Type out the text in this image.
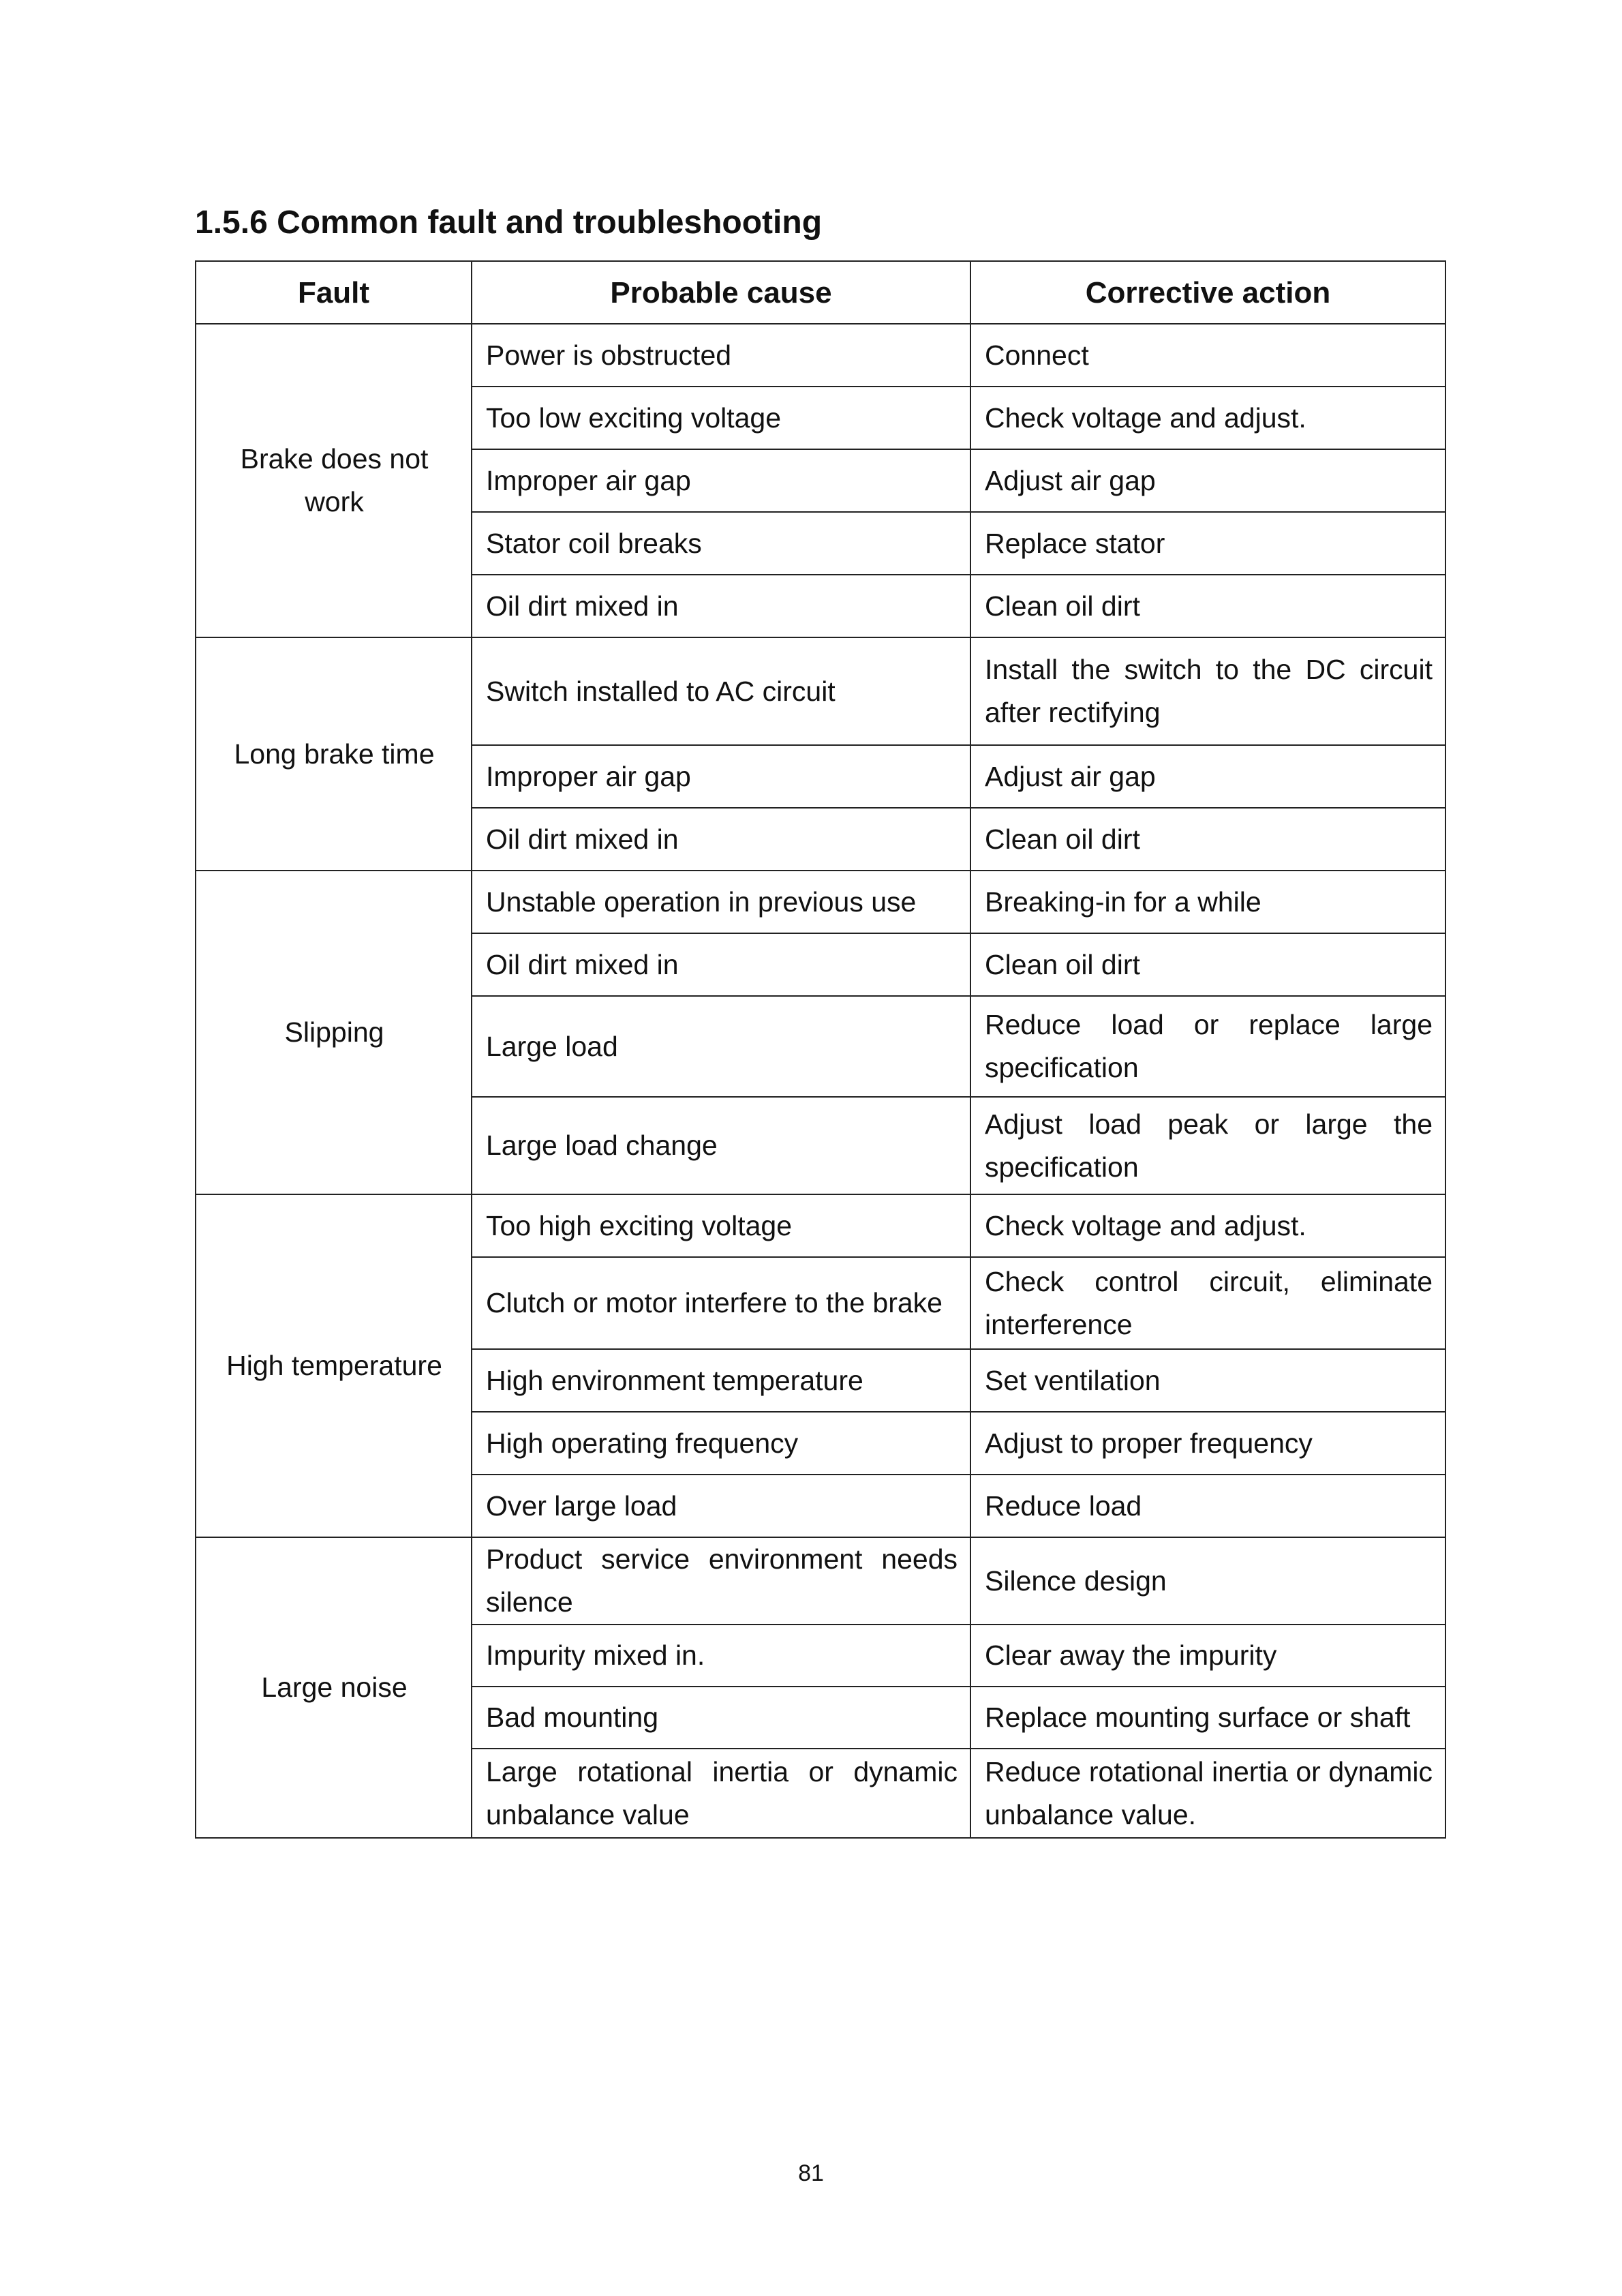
1.5.6 Common fault and troubleshooting
Fault	Probable cause	Corrective action
Brake does not work	Power is obstructed	Connect
	Too low exciting voltage	Check voltage and adjust.
	Improper air gap	Adjust air gap
	Stator coil breaks	Replace stator
	Oil dirt mixed in	Clean oil dirt
Long brake time	Switch installed to AC circuit	Install the switch to the DC circuit after rectifying
	Improper air gap	Adjust air gap
	Oil dirt mixed in	Clean oil dirt
Slipping	Unstable operation in previous use	Breaking-in for a while
	Oil dirt mixed in	Clean oil dirt
	Large load	Reduce load or replace large specification
	Large load change	Adjust load peak or large the specification
High temperature	Too high exciting voltage	Check voltage and adjust.
	Clutch or motor interfere to the brake	Check control circuit, eliminate interference
	High environment temperature	Set ventilation
	High operating frequency	Adjust to proper frequency
	Over large load	Reduce load
Large noise	Product service environment needs silence	Silence design
	Impurity mixed in.	Clear away the impurity
	Bad mounting	Replace mounting surface or shaft
	Large rotational inertia or dynamic unbalance value	Reduce rotational inertia or dynamic unbalance value.
81
